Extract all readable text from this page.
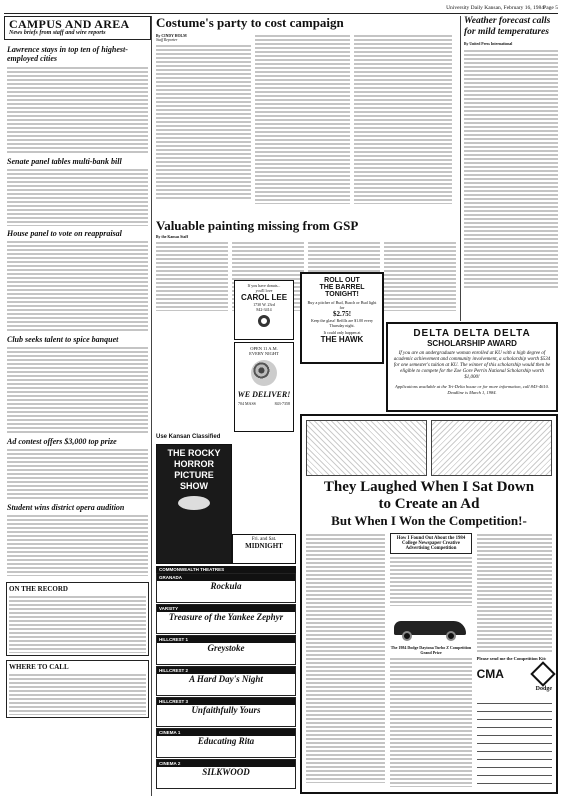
University Daily Kansan, February 16, 1984 Page 5
CAMPUS AND AREA
News briefs from staff and wire reports
Lawrence stays in top ten of highest-employed cities
Senate panel tables multi-bank bill
House panel to vote on reappraisal
Club seeks talent to spice banquet
Ad contest offers $3,000 top prize
Student wins district opera audition
ON THE RECORD
WHERE TO CALL
Costume's party to cost campaign
By CINDY HOLM
Staff Reporter
Weather forecast calls for mild temperatures
By United Press International
Valuable painting missing from GSP
By the Kansas Staff
If you have donuts...
you'll love
CAROL LEE
1730 W. 23rd
842-3414
OPEN 11 A.M.
EVERY NIGHT
WE DELIVER!
704 MASS	843-7358
ROLL OUT
THE BARREL
TONIGHT!
Buy a pitcher of Bud, Busch or Bud light for
$2.75!
Keep the glass! Refills are $1.00 every Thursday night.
It could only happen at
THE HAWK
Use Kansan Classified
THE ROCKY
HORROR
PICTURE
SHOW
Fri. and Sat.
MIDNIGHT
COMMONWEALTH THEATRES
GRANADA
Rockula
VARSITY
Treasure of the Yankee Zephyr
HILLCREST 1
Greystoke
HILLCREST 2
A Hard Day's Night
HILLCREST 3
Unfaithfully Yours
CINEMA 1
Educating Rita
CINEMA 2
SILKWOOD
DELTA DELTA DELTA
SCHOLARSHIP AWARD
If you are an undergraduate woman enrolled at KU with a high degree of academic achievement and community involvement, a scholarship worth $534 for one semester's tuition at KU. The winner of this scholarship would then be eligible to compete for the Zoe Gore Perrin National Scholarship worth $1,000!
Applications available at the Tri-Delta house or for more information, call 843-4610. Deadline is March 1, 1984.
They Laughed When I Sat Down
to Create an Ad
But When I Won the Competition!-
How I Found Out About the 1984 College Newspaper Creative Advertising Competition
The 1984 Dodge Daytona Turbo Z Competition Grand Prize
Please send me the Competition Kit:
CMA
Dodge
